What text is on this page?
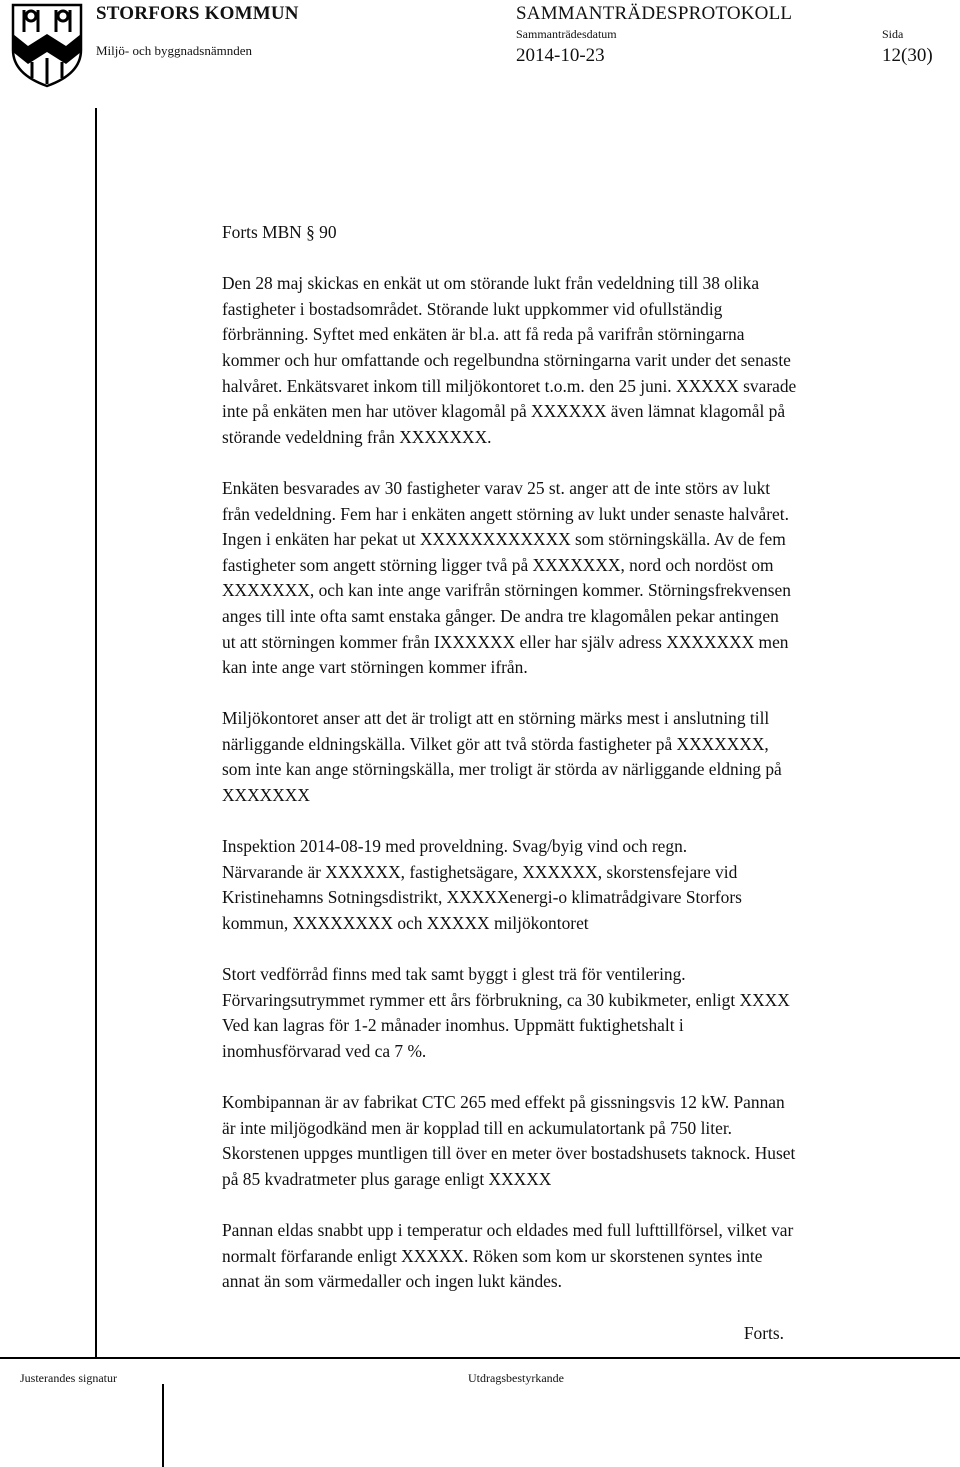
STORFORS KOMMUN
Miljö- och byggnadsnämnden
SAMMANTRÄDESPROTOKOLL
Sammanträdesdatum	Sida
2014-10-23	12(30)

Forts MBN § 90

Den 28 maj skickas en enkät ut om störande lukt från vedeldning till 38 olika

fastigheter i bostadsområdet. Störande lukt uppkommer vid ofullständig

förbränning. Syftet med enkäten är bl.a. att få reda på varifrån störningarna

kommer och hur omfattande och regelbundna störningarna varit under det senaste

halvåret. Enkätsvaret inkom till miljökontoret t.o.m. den 25 juni. XXXXX svarade

inte på enkäten men har utöver klagomål på XXXXXX även lämnat klagomål på

störande vedeldning från XXXXXXX.

Enkäten besvarades av 30 fastigheter varav 25 st. anger att de inte störs av lukt

från vedeldning. Fem har i enkäten angett störning av lukt under senaste halvåret.

Ingen i enkäten har pekat ut XXXXXXXXXXXX som störningskälla. Av de fem

fastigheter som angett störning ligger två på XXXXXXX, nord och nordöst om

XXXXXXX, och kan inte ange varifrån störningen kommer. Störningsfrekvensen

anges till inte ofta samt enstaka gånger. De andra tre klagomålen pekar antingen

ut att störningen kommer från IXXXXXX eller har själv adress XXXXXXX men

kan inte ange vart störningen kommer ifrån.

Miljökontoret anser att det är troligt att en störning märks mest i anslutning till

närliggande eldningskälla. Vilket gör att två störda fastigheter på XXXXXXX,

som inte kan ange störningskälla, mer troligt är störda av närliggande eldning på

XXXXXXX

Inspektion 2014-08-19 med proveldning. Svag/byig vind och regn.

Närvarande är XXXXXX, fastighetsägare, XXXXXX, skorstensfejare vid

Kristinehamns Sotningsdistrikt, XXXXXenergi-o klimatrådgivare Storfors

kommun, XXXXXXXX och XXXXX miljökontoret

Stort vedförråd finns med tak samt byggt i glest trä för ventilering.

Förvaringsutrymmet rymmer ett års förbrukning, ca 30 kubikmeter, enligt XXXX

Ved kan lagras för 1-2 månader inomhus. Uppmätt fuktighetshalt i

inomhusförvarad ved ca 7 %.

Kombipannan är av fabrikat CTC 265 med effekt på gissningsvis 12 kW. Pannan

är inte miljögodkänd men är kopplad till en ackumulatortank på 750 liter.

Skorstenen uppges muntligen till över en meter över bostadshusets taknock. Huset

på 85 kvadratmeter plus garage enligt XXXXX

Pannan eldas snabbt upp i temperatur och eldades med full lufttillförsel, vilket var

normalt förfarande enligt XXXXX. Röken som kom ur skorstenen syntes inte

annat än som värmedaller och ingen lukt kändes.

Forts.

Justerandes signatur	Utdragsbestyrkande
